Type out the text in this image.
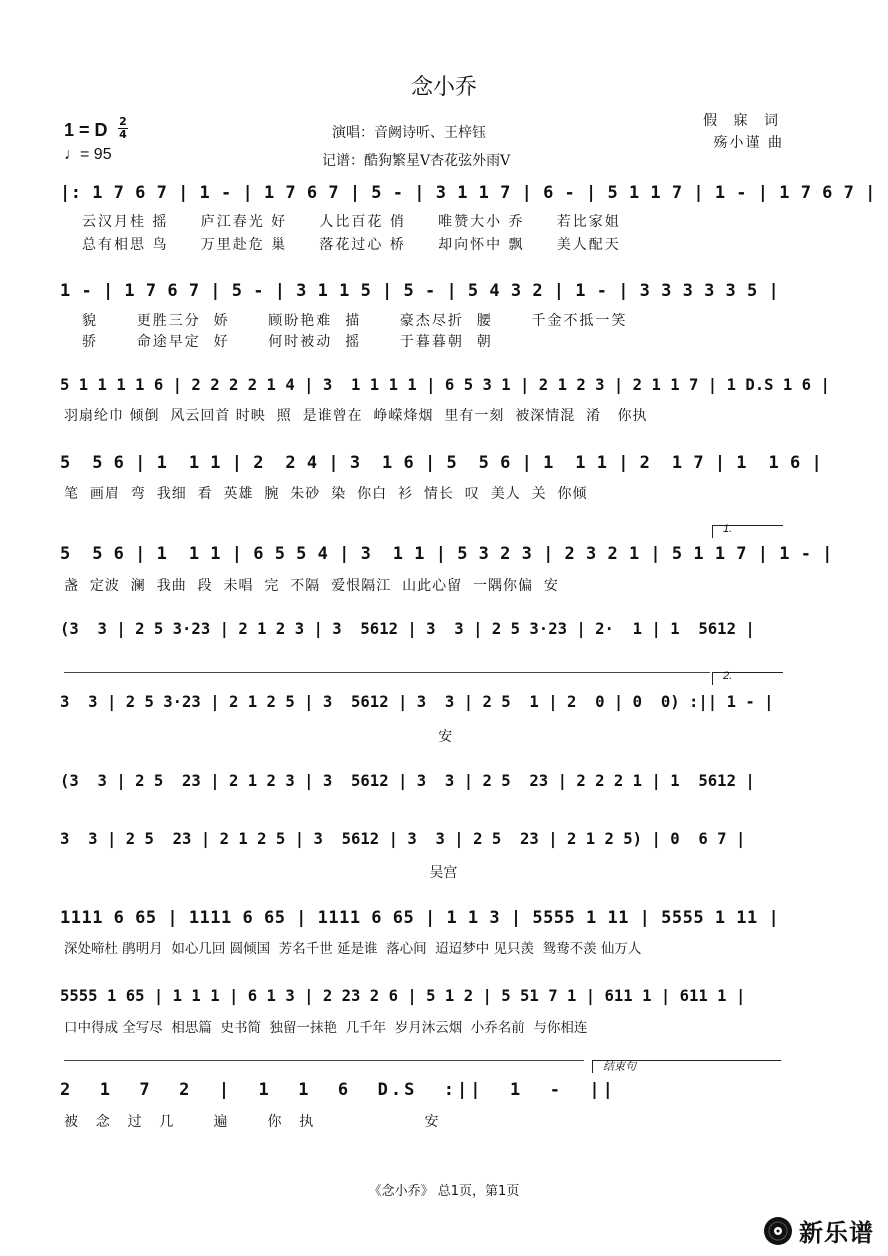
念小乔
1 = D 2
4
♩= 95
演唱：音阙诗听、王梓钰
记谱：酷狗繁星V杏花弦外雨V
假 寐 词
殇小谨 曲
|: 1 7 6 7 | 1 - | 1 7 6 7 | 5 - | 3 1 1 7 | 6 - | 5 1 1 7 | 1 - | 1 7 6 7 |
云汉月桂 摇     庐江春光 好     人比百花 俏     唯赞大小 乔     若比家姐
总有相思 鸟     万里赴危 巢     落花过心 桥     却向怀中 飘     美人配天
1 - | 1 7 6 7 | 5 - | 3 1 1 5 | 5 - | 5 4 3 2 | 1 - | 3 3 3 3 3 5 |
貌      更胜三分  娇      顾盼艳难  描      豪杰尽折  腰      千金不抵一笑
骄      命途早定  好      何时被动  摇      于暮暮朝  朝
5 1 1 1 1 6 | 2 2 2 2 1 4 | 3  1 1 1 1 | 6 5 3 1 | 2 1 2 3 | 2 1 1 7 | 1 D.S 1 6 |
羽扇纶巾 倾倒  风云回首 时映  照  是谁曾在  峥嵘烽烟  里有一刻  被深情混  淆   你执
5  5 6 | 1  1 1 | 2  2 4 | 3  1 6 | 5  5 6 | 1  1 1 | 2  1 7 | 1  1 6 |
笔  画眉  弯  我细  看  英雄  腕  朱砂  染  你白  衫  情长  叹  美人  关  你倾
1.
5  5 6 | 1  1 1 | 6 5 5 4 | 3  1 1 | 5 3 2 3 | 2 3 2 1 | 5 1 1 7 | 1 - |
盏  定波  澜  我曲  段  未唱  完  不隔  爱恨隔江  山此心留  一隅你偏  安
(3  3 | 2 5 3·23 | 2 1 2 3 | 3  5612 | 3  3 | 2 5 3·23 | 2·  1 | 1  5612 |
2.
3  3 | 2 5 3·23 | 2 1 2 5 | 3  5612 | 3  3 | 2 5  1 | 2  0 | 0  0) :|| 1 - |
安
(3  3 | 2 5  23 | 2 1 2 3 | 3  5612 | 3  3 | 2 5  23 | 2 2 2 1 | 1  5612 |
3  3 | 2 5  23 | 2 1 2 5 | 3  5612 | 3  3 | 2 5  23 | 2 1 2 5) | 0  6 7 |
吴宫
1111 6 65 | 1111 6 65 | 1111 6 65 | 1 1 3 | 5555 1 11 | 5555 1 11 |
深处啼杜 鹃明月  如心几回 圆倾国  芳名千世 延是谁  落心间  迢迢梦中 见只羡  鸳鸯不羡 仙万人
5555 1 65 | 1 1 1 | 6 1 3 | 2 23 2 6 | 5 1 2 | 5 51 7 1 | 611 1 | 611 1 |
口中得成 全写尽  相思篇  史书简  独留一抹艳  几千年  岁月沐云烟  小乔名前  与你相连
结束句
2  1  7  2  |  1  1  6  D.S  :||  1  -  ||
被    念    过    几         遍         你    执                         安
《念小乔》 总1页，第1页
新乐谱
